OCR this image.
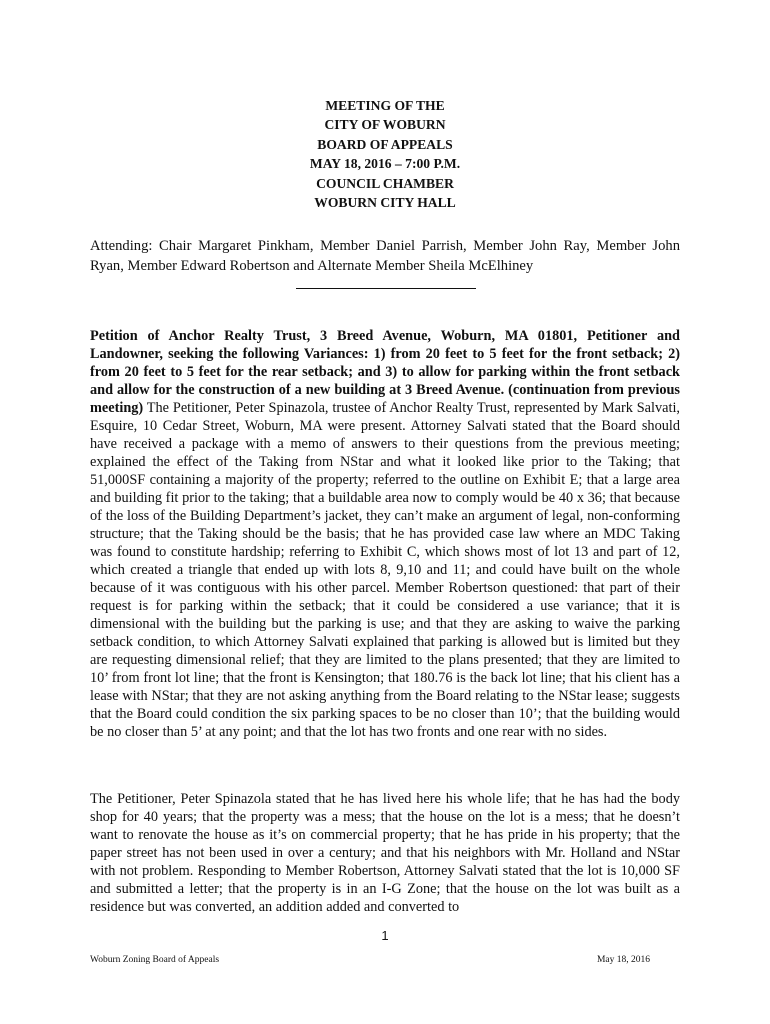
MEETING OF THE
CITY OF WOBURN
BOARD OF APPEALS
MAY 18, 2016 – 7:00 P.M.
COUNCIL CHAMBER
WOBURN CITY HALL
Attending: Chair Margaret Pinkham, Member Daniel Parrish, Member John Ray, Member John Ryan, Member Edward Robertson and Alternate Member Sheila McElhiney

Petition of Anchor Realty Trust, 3 Breed Avenue, Woburn, MA 01801, Petitioner and Landowner, seeking the following Variances: 1) from 20 feet to 5 feet for the front setback; 2) from 20 feet to 5 feet for the rear setback; and 3) to allow for parking within the front setback and allow for the construction of a new building at 3 Breed Avenue. (continuation from previous meeting) The Petitioner, Peter Spinazola, trustee of Anchor Realty Trust, represented by Mark Salvati, Esquire, 10 Cedar Street, Woburn, MA were present. Attorney Salvati stated that the Board should have received a package with a memo of answers to their questions from the previous meeting; explained the effect of the Taking from NStar and what it looked like prior to the Taking; that 51,000SF containing a majority of the property; referred to the outline on Exhibit E; that a large area and building fit prior to the taking; that a buildable area now to comply would be 40 x 36; that because of the loss of the Building Department’s jacket, they can’t make an argument of legal, non-conforming structure; that the Taking should be the basis; that he has provided case law where an MDC Taking was found to constitute hardship; referring to Exhibit C, which shows most of lot 13 and part of 12, which created a triangle that ended up with lots 8, 9,10 and 11; and could have built on the whole because of it was contiguous with his other parcel. Member Robertson questioned: that part of their request is for parking within the setback; that it could be considered a use variance; that it is dimensional with the building but the parking is use; and that they are asking to waive the parking setback condition, to which Attorney Salvati explained that parking is allowed but is limited but they are requesting dimensional relief; that they are limited to the plans presented; that they are limited to 10’ from front lot line; that the front is Kensington; that 180.76 is the back lot line; that his client has a lease with NStar; that they are not asking anything from the Board relating to the NStar lease; suggests that the Board could condition the six parking spaces to be no closer than 10’; that the building would be no closer than 5’ at any point; and that the lot has two fronts and one rear with no sides.

The Petitioner, Peter Spinazola stated that he has lived here his whole life; that he has had the body shop for 40 years; that the property was a mess; that the house on the lot is a mess; that he doesn’t want to renovate the house as it’s on commercial property; that he has pride in his property; that the paper street has not been used in over a century; and that his neighbors with Mr. Holland and NStar with not problem. Responding to Member Robertson, Attorney Salvati stated that the lot is 10,000 SF and submitted a letter; that the property is in an I-G Zone; that the house on the lot was built as a residence but was converted, an addition added and converted to

1
Woburn Zoning Board of Appeals	May 18, 2016
